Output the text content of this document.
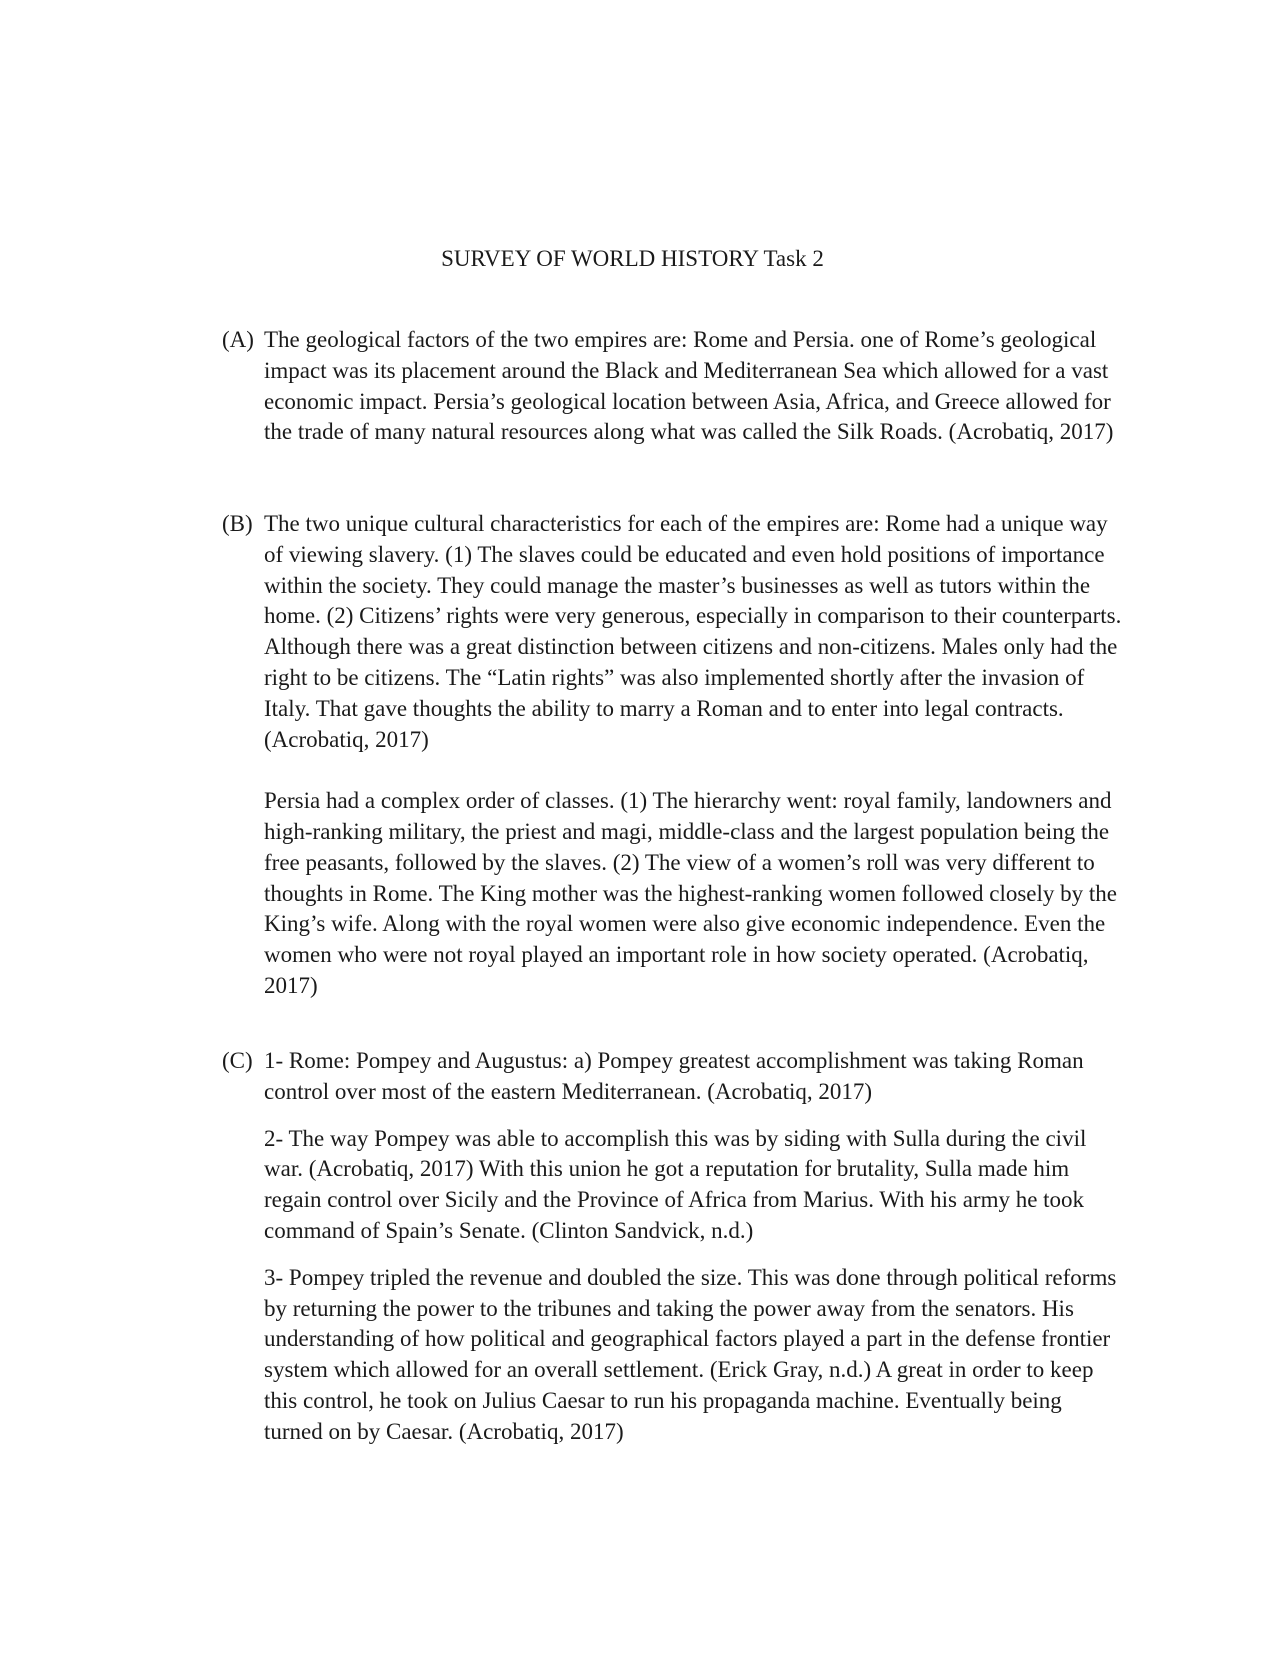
SURVEY OF WORLD HISTORY Task 2
(A) The geological factors of the two empires are: Rome and Persia. one of Rome’s geological impact was its placement around the Black and Mediterranean Sea which allowed for a vast economic impact. Persia’s geological location between Asia, Africa, and Greece allowed for the trade of many natural resources along what was called the Silk Roads. (Acrobatiq, 2017)

(B) The two unique cultural characteristics for each of the empires are: Rome had a unique way of viewing slavery. (1) The slaves could be educated and even hold positions of importance within the society. They could manage the master’s businesses as well as tutors within the home. (2) Citizens’ rights were very generous, especially in comparison to their counterparts. Although there was a great distinction between citizens and non-citizens. Males only had the right to be citizens. The “Latin rights” was also implemented shortly after the invasion of Italy. That gave thoughts the ability to marry a Roman and to enter into legal contracts. (Acrobatiq, 2017)

Persia had a complex order of classes. (1) The hierarchy went: royal family, landowners and high-ranking military, the priest and magi, middle-class and the largest population being the free peasants, followed by the slaves. (2) The view of a women’s roll was very different to thoughts in Rome. The King mother was the highest-ranking women followed closely by the King’s wife. Along with the royal women were also give economic independence. Even the women who were not royal played an important role in how society operated. (Acrobatiq, 2017)

(C) 1- Rome: Pompey and Augustus: a) Pompey greatest accomplishment was taking Roman control over most of the eastern Mediterranean. (Acrobatiq, 2017)

2- The way Pompey was able to accomplish this was by siding with Sulla during the civil war. (Acrobatiq, 2017) With this union he got a reputation for brutality, Sulla made him regain control over Sicily and the Province of Africa from Marius. With his army he took command of Spain’s Senate. (Clinton Sandvick, n.d.)

3- Pompey tripled the revenue and doubled the size. This was done through political reforms by returning the power to the tribunes and taking the power away from the senators. His understanding of how political and geographical factors played a part in the defense frontier system which allowed for an overall settlement. (Erick Gray, n.d.) A great in order to keep this control, he took on Julius Caesar to run his propaganda machine. Eventually being turned on by Caesar. (Acrobatiq, 2017)
